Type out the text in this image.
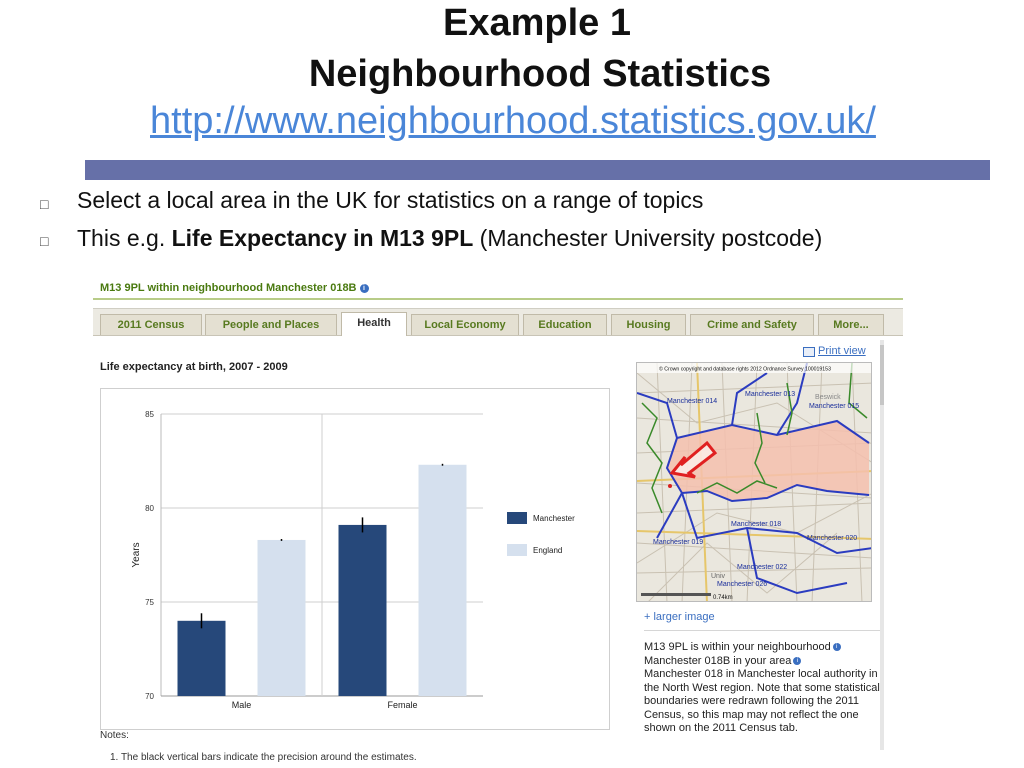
Example 1
Neighbourhood Statistics
http://www.neighbourhood.statistics.gov.uk/
□ Select a local area in the UK for statistics on a range of topics
□ This e.g. Life Expectancy in M13 9PL (Manchester University postcode)
M13 9PL within neighbourhood Manchester 018B i
2011 Census	People and Places	Health	Local Economy	Education	Housing	Crime and Safety	More...
Life expectancy at birth, 2007 - 2009
70
75
80
85
Years
Male	Female
Manchester
England
Notes:
1. The black vertical bars indicate the precision around the estimates.
Print view
© Crown copyright and database rights 2012 Ordnance Survey 100019153
Manchester 014
Manchester 013	Beswick
Manchester 015
Manchester 018
Manchester 019
Manchester 020
Manchester 022
Manchester 026
Univ
0.74km
+ larger image
M13 9PL is within your neighbourhood i
Manchester 018B in your area i
Manchester 018 in Manchester local authority in the North West region. Note that some statistical boundaries were redrawn following the 2011 Census, so this map may not reflect the one shown on the 2011 Census tab.
